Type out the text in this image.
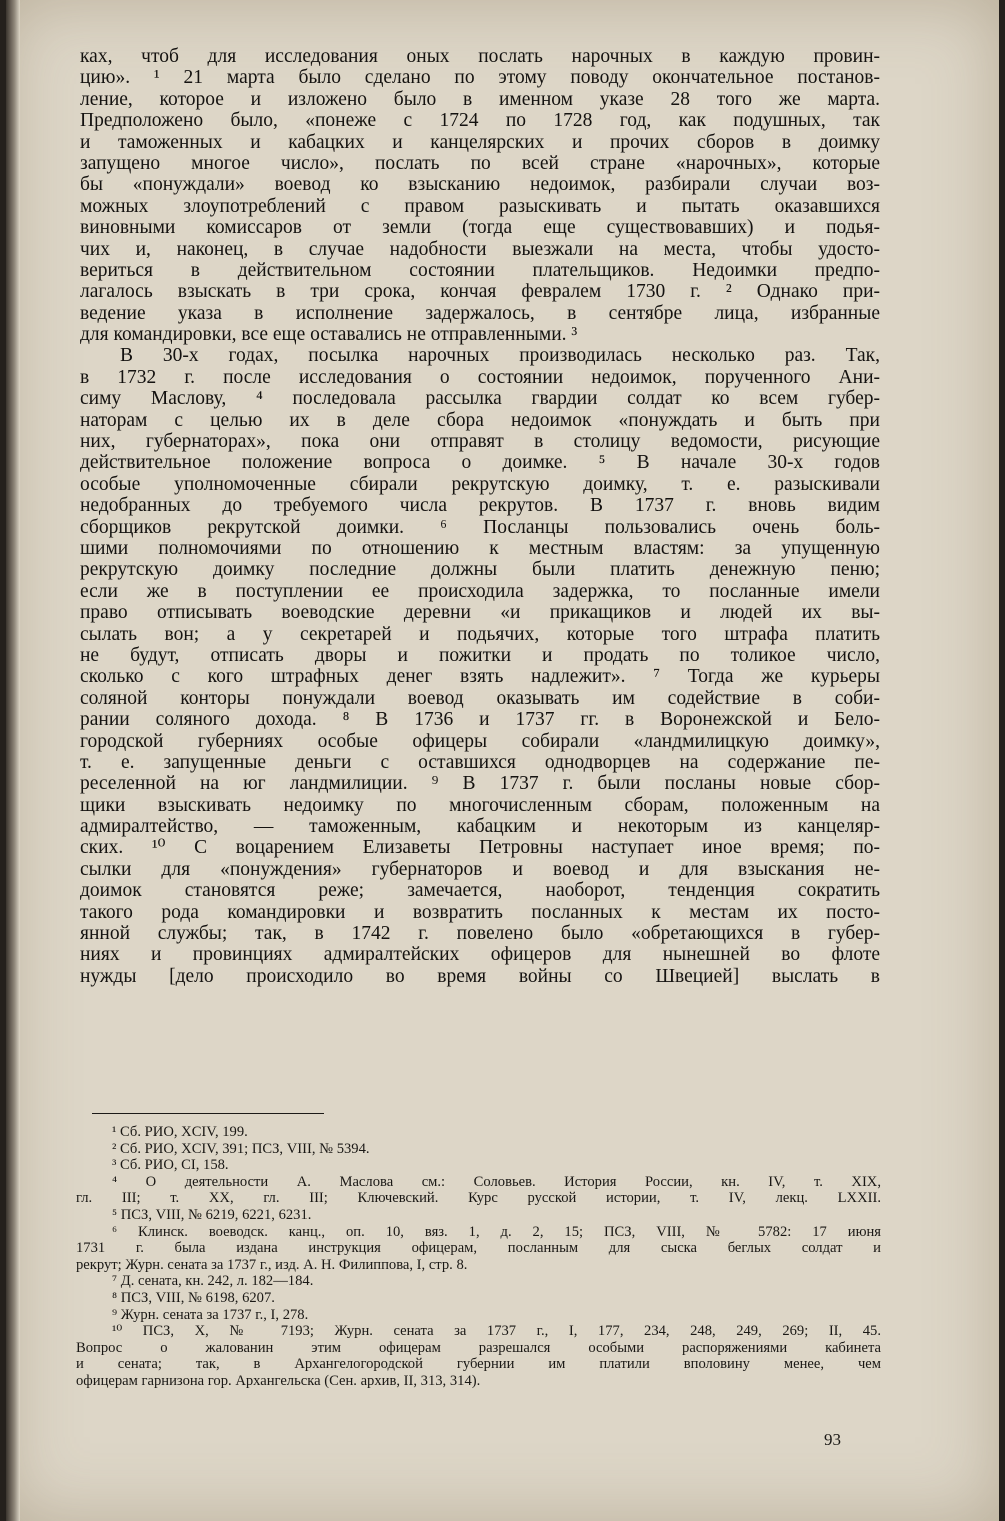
ках, чтоб для исследования оных послать нарочных в каждую провин-
цию». ¹ 21 марта было сделано по этому поводу окончательное постанов-
ление, которое и изложено было в именном указе 28 того же марта.
Предположено было, «понеже с 1724 по 1728 год, как подушных, так
и таможенных и кабацких и канцелярских и прочих сборов в доимку
запущено многое число», послать по всей стране «нарочных», которые
бы «понуждали» воевод ко взысканию недоимок, разбирали случаи воз-
можных злоупотреблений с правом разыскивать и пытать оказавшихся
виновными комиссаров от земли (тогда еще существовавших) и подья-
чих и, наконец, в случае надобности выезжали на места, чтобы удосто-
вериться в действительном состоянии плательщиков. Недоимки предпо-
лагалось взыскать в три срока, кончая февралем 1730 г. ² Однако при-
ведение указа в исполнение задержалось, в сентябре лица, избранные
для командировки, все еще оставались не отправленными. ³
В 30-х годах, посылка нарочных производилась несколько раз. Так,
в 1732 г. после исследования о состоянии недоимок, порученного Ани-
симу Маслову, ⁴ последовала рассылка гвардии солдат ко всем губер-
наторам с целью их в деле сбора недоимок «понуждать и быть при
них, губернаторах», пока они отправят в столицу ведомости, рисующие
действительное положение вопроса о доимке. ⁵ В начале 30-х годов
особые уполномоченные сбирали рекрутскую доимку, т. е. разыскивали
недобранных до требуемого числа рекрутов. В 1737 г. вновь видим
сборщиков рекрутской доимки. ⁶ Посланцы пользовались очень боль-
шими полномочиями по отношению к местным властям: за упущенную
рекрутскую доимку последние должны были платить денежную пеню;
если же в поступлении ее происходила задержка, то посланные имели
право отписывать воеводские деревни «и прикащиков и людей их вы-
сылать вон; а у секретарей и подьячих, которые того штрафа платить
не будут, отписать дворы и пожитки и продать по толикое число,
сколько с кого штрафных денег взять надлежит». ⁷ Тогда же курьеры
соляной конторы понуждали воевод оказывать им содействие в соби-
рании соляного дохода. ⁸ В 1736 и 1737 гг. в Воронежской и Бело-
городской губерниях особые офицеры собирали «ландмилицкую доимку»,
т. е. запущенные деньги с оставшихся однодворцев на содержание пе-
реселенной на юг ландмилиции. ⁹ В 1737 г. были посланы новые сбор-
щики взыскивать недоимку по многочисленным сборам, положенным на
адмиралтейство, — таможенным, кабацким и некоторым из канцеляр-
ских. ¹⁰ С воцарением Елизаветы Петровны наступает иное время; по-
сылки для «понуждения» губернаторов и воевод и для взыскания не-
доимок становятся реже; замечается, наоборот, тенденция сократить
такого рода командировки и возвратить посланных к местам их посто-
янной службы; так, в 1742 г. повелено было «обретающихся в губер-
ниях и провинциях адмиралтейских офицеров для нынешней во флоте
нужды [дело происходило во время войны со Швецией] выслать в
¹ Сб. РИО, XCIV, 199.
² Сб. РИО, XCIV, 391; ПСЗ, VIII, № 5394.
³ Сб. РИО, CI, 158.
⁴ О деятельности А. Маслова см.: Соловьев. История России, кн. IV, т. XIX,
гл. III; т. XX, гл. III; Ключевский. Курс русской истории, т. IV, лекц. LXXII.
⁵ ПСЗ, VIII, № 6219, 6221, 6231.
⁶ Клинск. воеводск. канц., оп. 10, вяз. 1, д. 2, 15; ПСЗ, VIII, № 5782: 17 июня
1731 г. была издана инструкция офицерам, посланным для сыска беглых солдат и
рекрут; Журн. сената за 1737 г., изд. А. Н. Филиппова, I, стр. 8.
⁷ Д. сената, кн. 242, л. 182—184.
⁸ ПСЗ, VIII, № 6198, 6207.
⁹ Журн. сената за 1737 г., I, 278.
¹⁰ ПСЗ, X, № 7193; Журн. сената за 1737 г., I, 177, 234, 248, 249, 269; II, 45.
Вопрос о жалованин этим офицерам разрешался особыми распоряжениями кабинета
и сената; так, в Архангелогородской губернии им платили вполовину менее, чем
офицерам гарнизона гор. Архангельска (Сен. архив, II, 313, 314).
93
